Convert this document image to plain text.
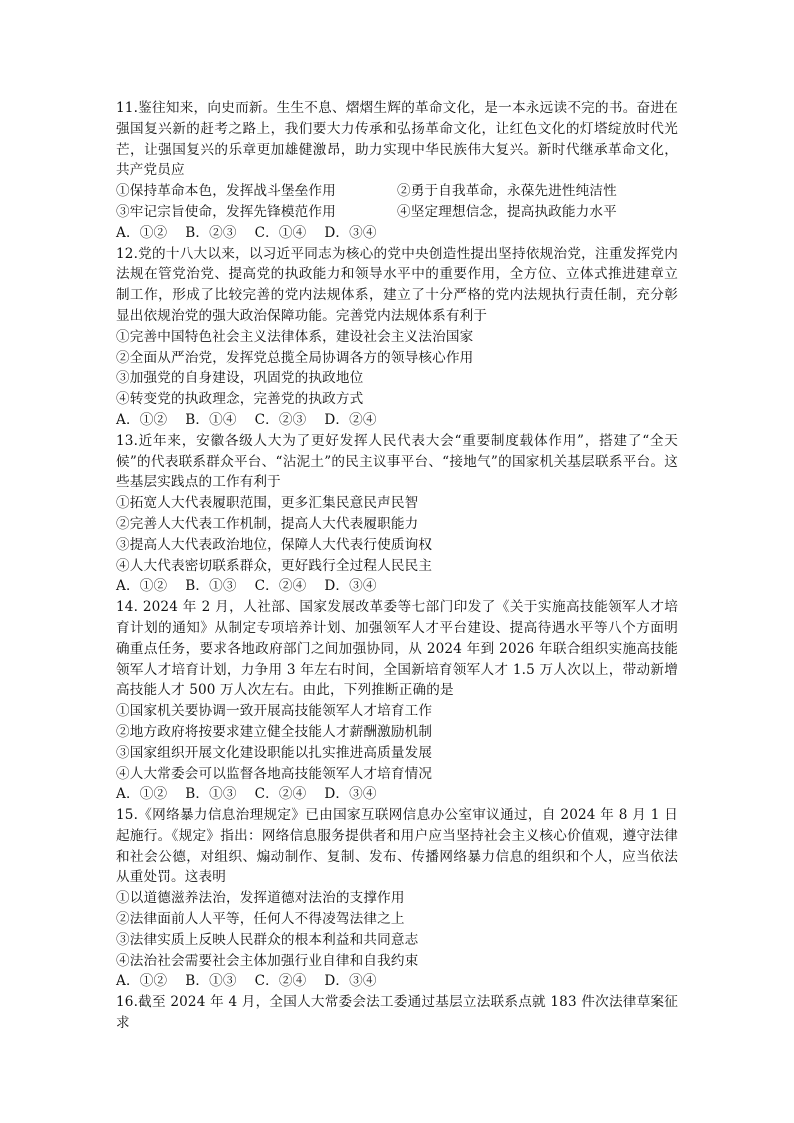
11.鉴往知来，向史而新。生生不息、熠熠生辉的革命文化，是一本永远读不完的书。奋进在强国复兴新的赶考之路上，我们要大力传承和弘扬革命文化，让红色文化的灯塔绽放时代光芒，让强国复兴的乐章更加雄健激昂，助力实现中华民族伟大复兴。新时代继承革命文化，共产党员应

①保持革命本色，发挥战斗堡垒作用	②勇于自我革命，永葆先进性纯洁性
③牢记宗旨使命，发挥先锋模范作用	④坚定理想信念，提高执政能力水平
A．①② B．②③ C．①④ D．③④

12.党的十八大以来，以习近平同志为核心的党中央创造性提出坚持依规治党，注重发挥党内法规在管党治党、提高党的执政能力和领导水平中的重要作用，全方位、立体式推进建章立制工作，形成了比较完善的党内法规体系，建立了十分严格的党内法规执行责任制，充分彰显出依规治党的强大政治保障功能。完善党内法规体系有利于

①完善中国特色社会主义法律体系，建设社会主义法治国家

②全面从严治党，发挥党总揽全局协调各方的领导核心作用

③加强党的自身建设，巩固党的执政地位

④转变党的执政理念，完善党的执政方式

A．①② B．①④ C．②③ D．②④

13.近年来，安徽各级人大为了更好发挥人民代表大会“重要制度载体作用”，搭建了“全天候”的代表联系群众平台、“沾泥土”的民主议事平台、“接地气”的国家机关基层联系平台。这些基层实践点的工作有利于

①拓宽人大代表履职范围，更多汇集民意民声民智

②完善人大代表工作机制，提高人大代表履职能力

③提高人大代表政治地位，保障人大代表行使质询权

④人大代表密切联系群众，更好践行全过程人民民主

A．①② B．①③ C．②④ D．③④

14. 2024 年 2 月，人社部、国家发展改革委等七部门印发了《关于实施高技能领军人才培育计划的通知》从制定专项培养计划、加强领军人才平台建设、提高待遇水平等八个方面明确重点任务，要求各地政府部门之间加强协同，从 2024 年到 2026 年联合组织实施高技能领军人才培育计划，力争用 3 年左右时间，全国新培育领军人才 1.5 万人次以上，带动新增高技能人才 500 万人次左右。由此，下列推断正确的是

①国家机关要协调一致开展高技能领军人才培育工作

②地方政府将按要求建立健全技能人才薪酬激励机制

③国家组织开展文化建设职能以扎实推进高质量发展

④人大常委会可以监督各地高技能领军人才培育情况

A．①② B．①③ C．②④ D．③④

15.《网络暴力信息治理规定》已由国家互联网信息办公室审议通过，自 2024 年 8 月 1 日起施行。《规定》指出：网络信息服务提供者和用户应当坚持社会主义核心价值观，遵守法律和社会公德，对组织、煽动制作、复制、发布、传播网络暴力信息的组织和个人，应当依法从重处罚。这表明

①以道德滋养法治，发挥道德对法治的支撑作用

②法律面前人人平等，任何人不得凌驾法律之上

③法律实质上反映人民群众的根本利益和共同意志

④法治社会需要社会主体加强行业自律和自我约束

A．①② B．①③ C．②④ D．③④

16.截至 2024 年 4 月，全国人大常委会法工委通过基层立法联系点就 183 件次法律草案征求
